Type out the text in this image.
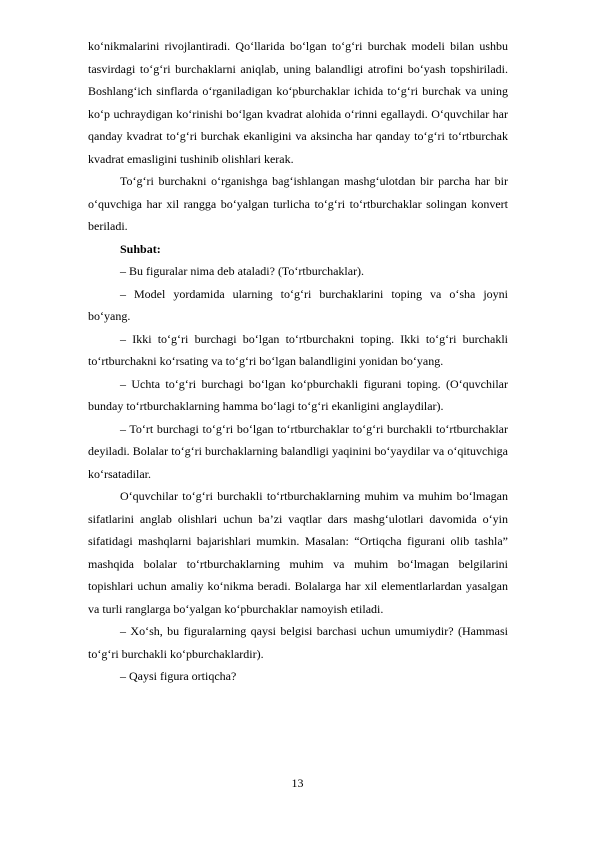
ko‘nikmalarini rivojlantiradi. Qo‘llarida bo‘lgan to‘g‘ri burchak modeli bilan ushbu tasvirdagi to‘g‘ri burchaklarni aniqlab, uning balandligi atrofini bo‘yash topshiriladi. Boshlang‘ich sinflarda o‘rganiladigan ko‘pburchaklar ichida to‘g‘ri burchak va uning ko‘p uchraydigan ko‘rinishi bo‘lgan kvadrat alohida o‘rinni egallaydi. O‘quvchilar har qanday kvadrat to‘g‘ri burchak ekanligini va aksincha har qanday to‘g‘ri to‘rtburchak kvadrat emasligini tushinib olishlari kerak.

To‘g‘ri burchakni o‘rganishga bag‘ishlangan mashg‘ulotdan bir parcha har bir o‘quvchiga har xil rangga bo‘yalgan turlicha to‘g‘ri to‘rtburchaklar solingan konvert beriladi.

Suhbat:

– Bu figuralar nima deb ataladi? (To‘rtburchaklar).

– Model yordamida ularning to‘g‘ri burchaklarini toping va o‘sha joyni bo‘yang.

– Ikki to‘g‘ri burchagi bo‘lgan to‘rtburchakni toping. Ikki to‘g‘ri burchakli to‘rtburchakni ko‘rsating va to‘g‘ri bo‘lgan balandligini yonidan bo‘yang.

– Uchta to‘g‘ri burchagi bo‘lgan ko‘pburchakli figurani toping. (O‘quvchilar bunday to‘rtburchaklarning hamma bo‘lagi to‘g‘ri ekanligini anglaydilar).

– To‘rt burchagi to‘g‘ri bo‘lgan to‘rtburchaklar to‘g‘ri burchakli to‘rtburchaklar deyiladi. Bolalar to‘g‘ri burchaklarning balandligi yaqinini bo‘yaydilar va o‘qituvchiga ko‘rsatadilar.

O‘quvchilar to‘g‘ri burchakli to‘rtburchaklarning muhim va muhim bo‘lmagan sifatlarini anglab olishlari uchun ba’zi vaqtlar dars mashg‘ulotlari davomida o‘yin sifatidagi mashqlarni bajarishlari mumkin. Masalan: “Ortiqcha figurani olib tashla” mashqida bolalar to‘rtburchaklarning muhim va muhim bo‘lmagan belgilarini topishlari uchun amaliy ko‘nikma beradi. Bolalarga har xil elementlarlardan yasalgan va turli ranglarga bo‘yalgan ko‘pburchaklar namoyish etiladi.

– Xo‘sh, bu figuralarning qaysi belgisi barchasi uchun umumiydir? (Hammasi to‘g‘ri burchakli ko‘pburchaklardir).

– Qaysi figura ortiqcha?

13
